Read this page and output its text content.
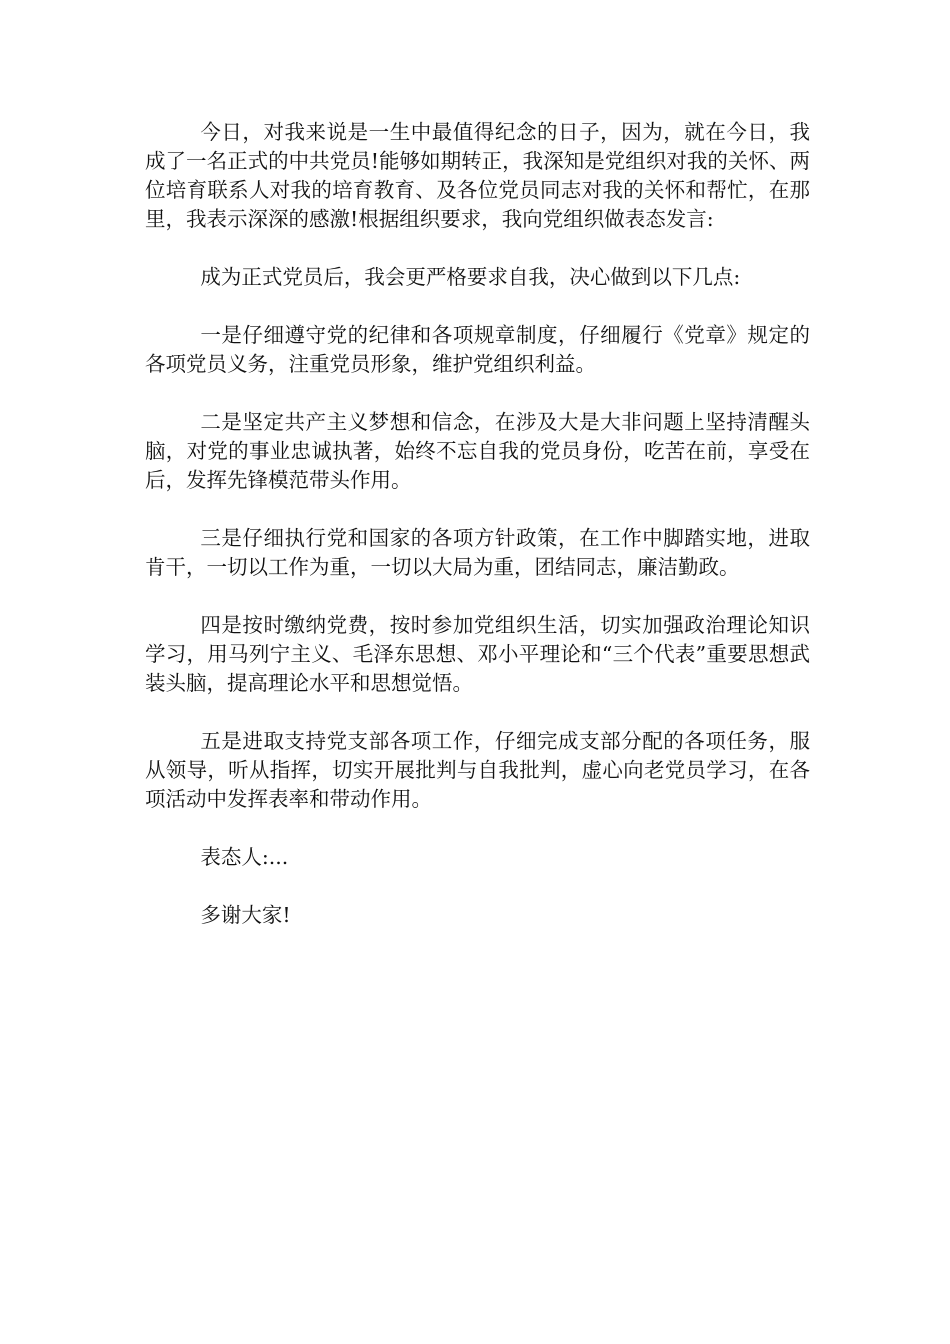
今日，对我来说是一生中最值得纪念的日子，因为，就在今日，我成了一名正式的中共党员!能够如期转正，我深知是党组织对我的关怀、两位培育联系人对我的培育教育、及各位党员同志对我的关怀和帮忙，在那里，我表示深深的感激!根据组织要求，我向党组织做表态发言:

成为正式党员后，我会更严格要求自我，决心做到以下几点:

一是仔细遵守党的纪律和各项规章制度，仔细履行《党章》规定的各项党员义务，注重党员形象，维护党组织利益。

二是坚定共产主义梦想和信念，在涉及大是大非问题上坚持清醒头脑，对党的事业忠诚执著，始终不忘自我的党员身份，吃苦在前，享受在后，发挥先锋模范带头作用。

三是仔细执行党和国家的各项方针政策，在工作中脚踏实地，进取肯干，一切以工作为重，一切以大局为重，团结同志，廉洁勤政。

四是按时缴纳党费，按时参加党组织生活，切实加强政治理论知识学习，用马列宁主义、毛泽东思想、邓小平理论和“三个代表”重要思想武装头脑，提高理论水平和思想觉悟。

五是进取支持党支部各项工作，仔细完成支部分配的各项任务，服从领导，听从指挥，切实开展批判与自我批判，虚心向老党员学习，在各项活动中发挥表率和带动作用。

表态人:...

多谢大家!
